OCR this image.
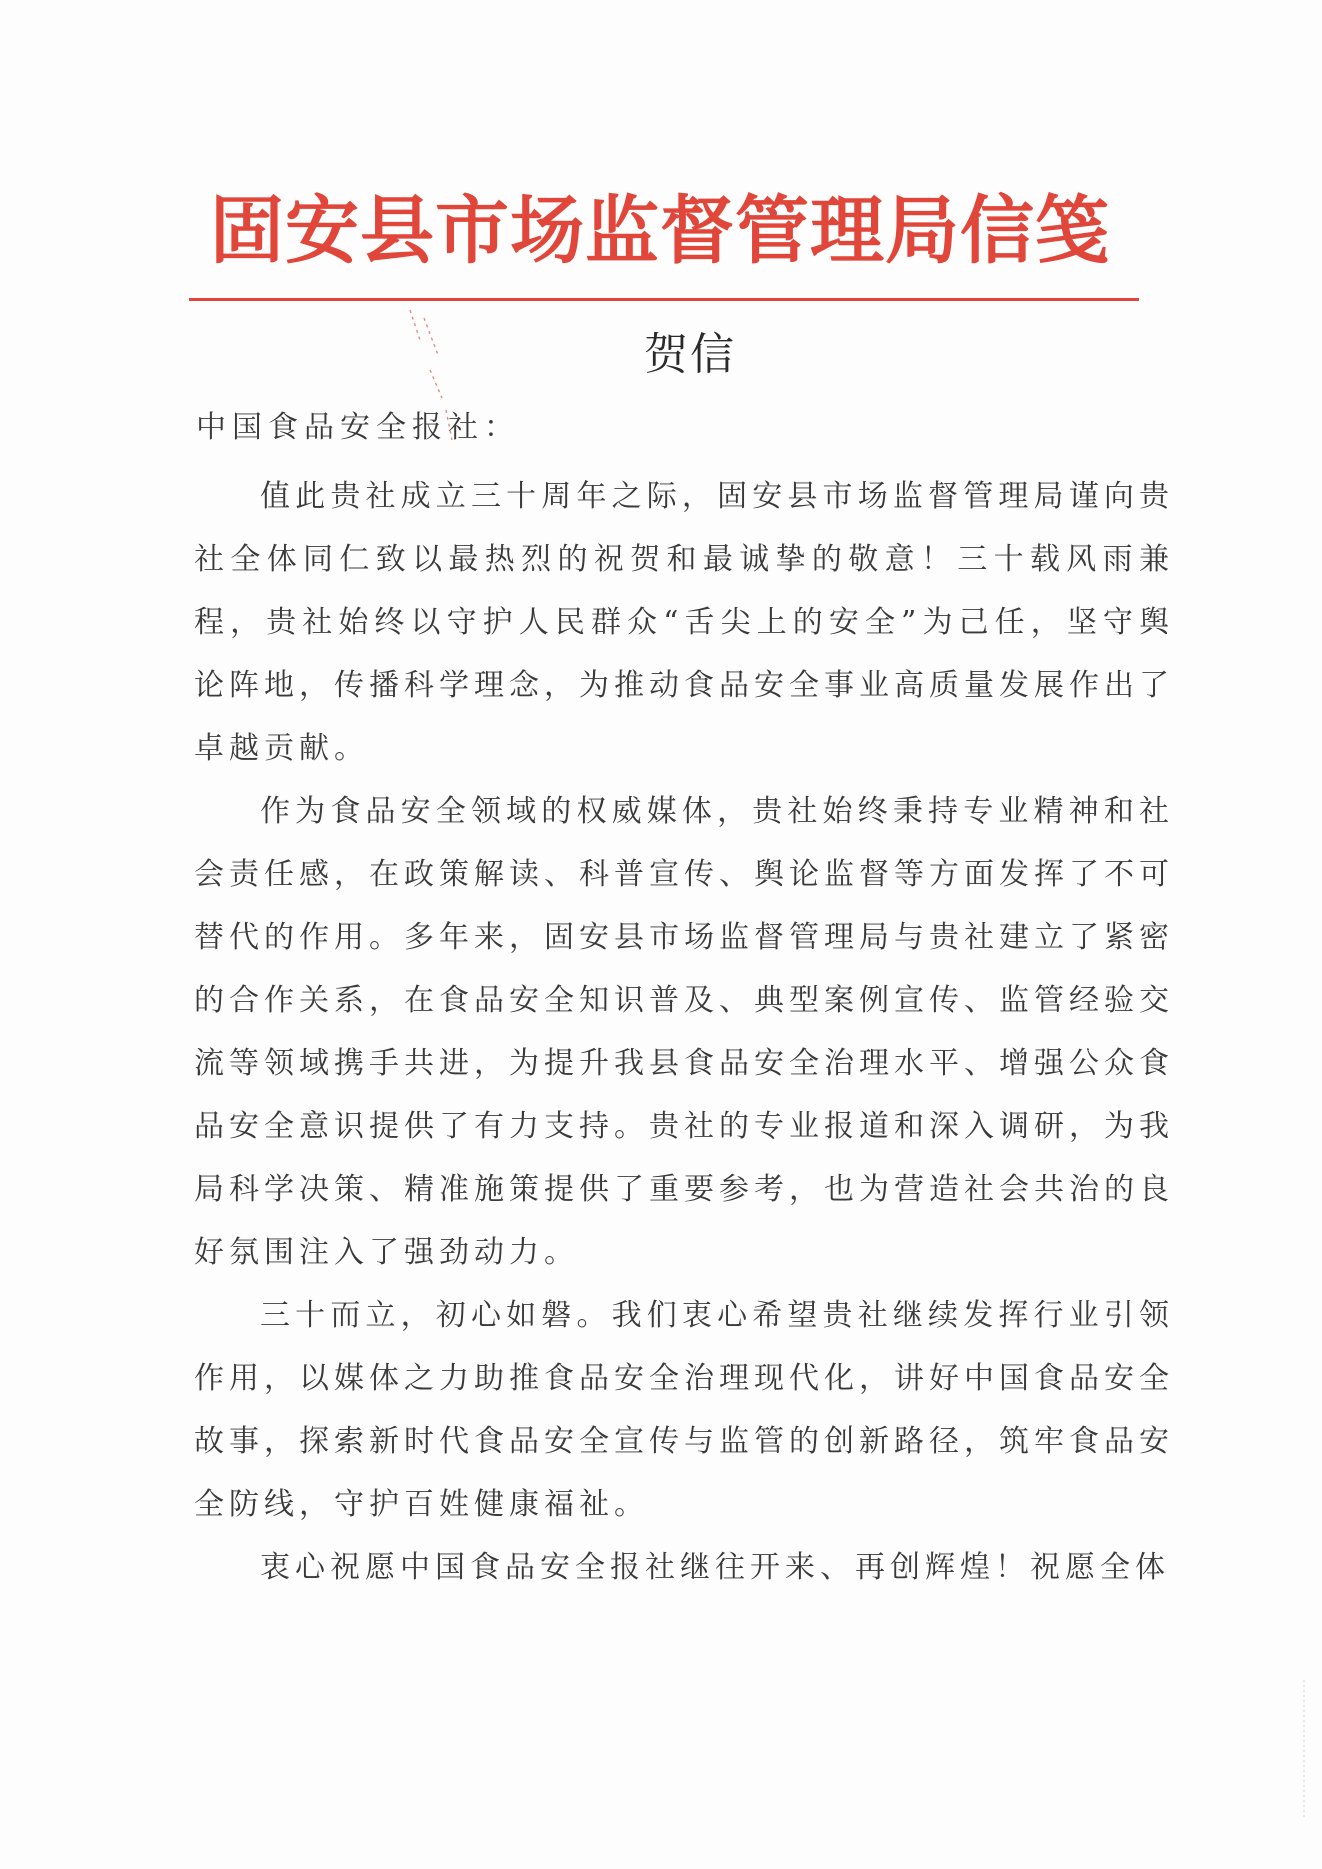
固安县市场监督管理局信笺
贺信
中国食品安全报社：

值此贵社成立三十周年之际，固安县市场监督管理局谨向贵社全体同仁致以最热烈的祝贺和最诚挚的敬意！三十载风雨兼程，贵社始终以守护人民群众“舌尖上的安全”为己任，坚守舆论阵地，传播科学理念，为推动食品安全事业高质量发展作出了卓越贡献。

作为食品安全领域的权威媒体，贵社始终秉持专业精神和社会责任感，在政策解读、科普宣传、舆论监督等方面发挥了不可替代的作用。多年来，固安县市场监督管理局与贵社建立了紧密的合作关系，在食品安全知识普及、典型案例宣传、监管经验交流等领域携手共进，为提升我县食品安全治理水平、增强公众食品安全意识提供了有力支持。贵社的专业报道和深入调研，为我局科学决策、精准施策提供了重要参考，也为营造社会共治的良好氛围注入了强劲动力。

三十而立，初心如磐。我们衷心希望贵社继续发挥行业引领作用，以媒体之力助推食品安全治理现代化，讲好中国食品安全故事，探索新时代食品安全宣传与监管的创新路径，筑牢食品安全防线，守护百姓健康福祉。

衷心祝愿中国食品安全报社继往开来、再创辉煌！祝愿全体
